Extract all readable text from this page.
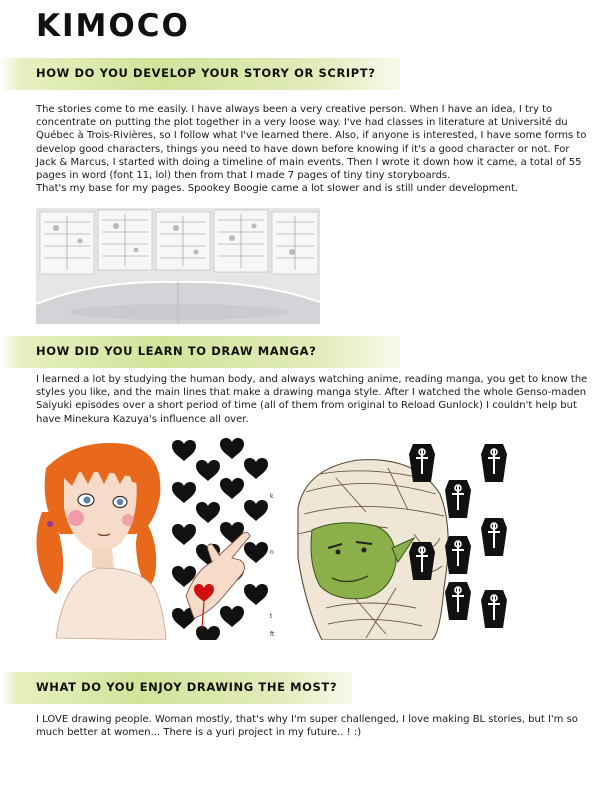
KIMOCO
HOW DO YOU DEVELOP YOUR STORY OR SCRIPT?
The stories come to me easily. I have always been a very creative person. When I have an idea, I try to concentrate on putting the plot together in a very loose way. I've had classes in literature at Université du Québec à Trois-Rivières, so I follow what I've learned there. Also, if anyone is interested, I have some forms to develop good characters, things you need to have down before knowing if it's a good character or not. For Jack & Marcus, I started with doing a timeline of main events. Then I wrote it down how it came, a total of 55 pages in word (font 11, lol) then from that I made 7 pages of tiny tiny storyboards.
That's my base for my pages. Spookey Boogie came a lot slower and is still under development.
HOW DID YOU LEARN TO DRAW MANGA?
I learned a lot by studying the human body, and always watching anime, reading manga, you get to know the styles you like, and the main lines that make a drawing manga style. After I watched the whole Genso-maden Saiyuki episodes over a short period of time (all of them from original to Reload Gunlock) I couldn't help but have Minekura Kazuya's influence all over.
k
n
t
ft
WHAT DO YOU ENJOY DRAWING THE MOST?
I LOVE drawing people. Woman mostly, that's why I'm super challenged, I love making BL stories, but I'm so much better at women... There is a yuri project in my future.. ! :)
